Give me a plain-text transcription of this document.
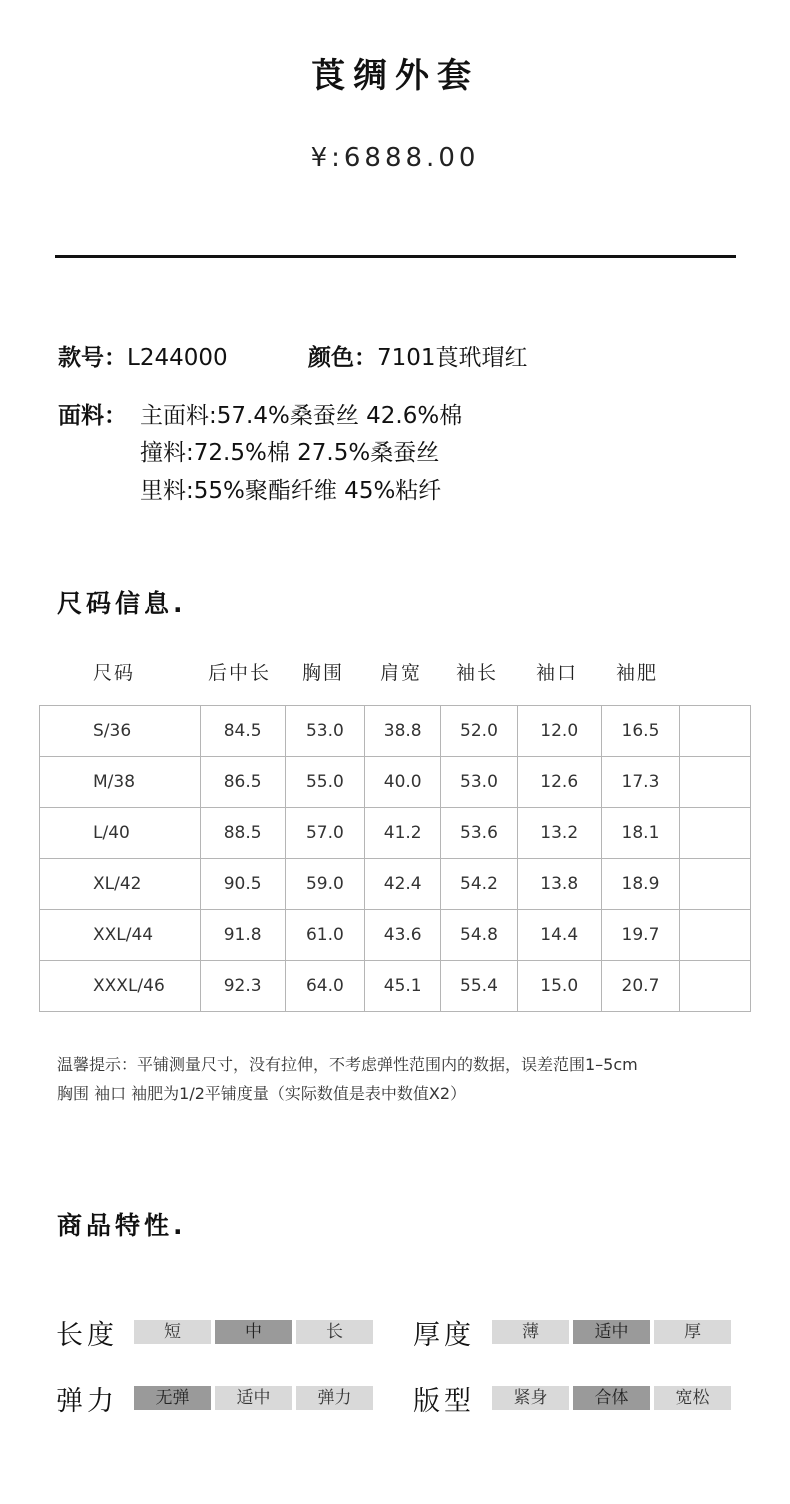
莨绸外套
¥:6888.00
款号：L244000	颜色：7101莨玳瑁红
面料： 主面料:57.4%桑蚕丝 42.6%棉
撞料:72.5%棉 27.5%桑蚕丝
里料:55%聚酯纤维 45%粘纤
尺码信息.
尺码	后中长 胸围 肩宽 袖长 袖口 袖肥
S/36	84.5	53.0	38.8	52.0	12.0	16.5	
M/38	86.5	55.0	40.0	53.0	12.6	17.3	
L/40	88.5	57.0	41.2	53.6	13.2	18.1	
XL/42	90.5	59.0	42.4	54.2	13.8	18.9	
XXL/44	91.8	61.0	43.6	54.8	14.4	19.7	
XXXL/46	92.3	64.0	45.1	55.4	15.0	20.7	
温馨提示：平铺测量尺寸，没有拉伸，不考虑弹性范围内的数据，误差范围1–5cm
胸围 袖口 袖肥为1/2平铺度量（实际数值是表中数值X2）
商品特性.
长度	短	中	长	厚度	薄	适中	厚
弹力	无弹	适中	弹力	版型	紧身	合体	宽松
